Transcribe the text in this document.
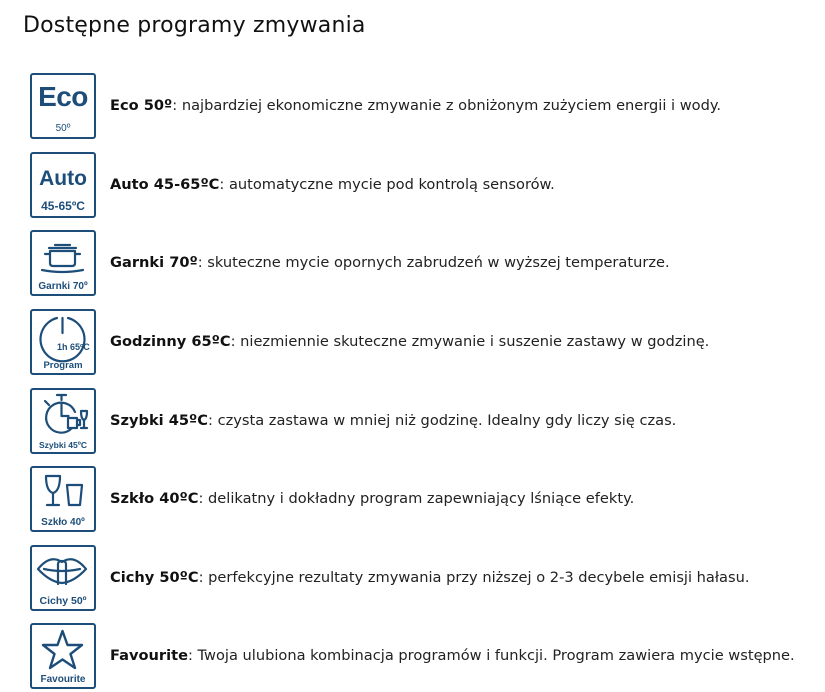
Dostępne programy zmywania
Eco
50º
Eco 50º: najbardziej ekonomiczne zmywanie z obniżonym zużyciem energii i wody.
Auto
45-65ºC
Auto 45-65ºC: automatyczne mycie pod kontrolą sensorów.
Garnki 70º
Garnki 70º: skuteczne mycie opornych zabrudzeń w wyższej temperaturze.
1h 65ºC
Program
Godzinny 65ºC: niezmiennie skuteczne zmywanie i suszenie zastawy w godzinę.
Szybki 45ºC
Szybki 45ºC: czysta zastawa w mniej niż godzinę. Idealny gdy liczy się czas.
Szkło 40º
Szkło 40ºC: delikatny i dokładny program zapewniający lśniące efekty.
Cichy 50º
Cichy 50ºC: perfekcyjne rezultaty zmywania przy niższej o 2-3 decybele emisji hałasu.
Favourite
Favourite: Twoja ulubiona kombinacja programów i funkcji. Program zawiera mycie wstępne.
